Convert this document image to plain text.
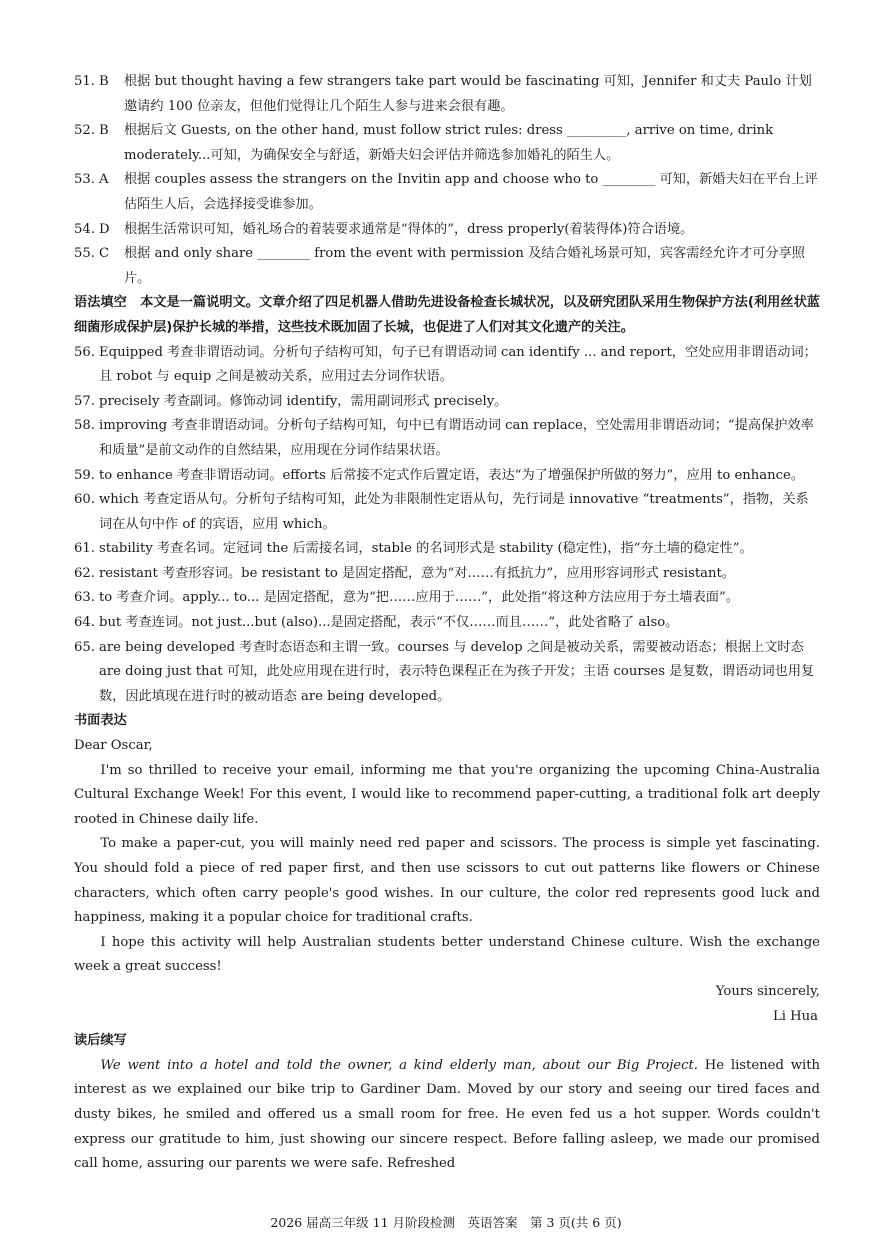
51. B	根据 but thought having a few strangers take part would be fascinating 可知，Jennifer 和丈夫 Paulo 计划邀请约 100 位亲友，但他们觉得让几个陌生人参与进来会很有趣。
52. B	根据后文 Guests, on the other hand, must follow strict rules: dress _________, arrive on time, drink moderately...可知，为确保安全与舒适，新婚夫妇会评估并筛选参加婚礼的陌生人。
53. A	根据 couples assess the strangers on the Invitin app and choose who to ________ 可知，新婚夫妇在平台上评估陌生人后，会选择接受谁参加。
54. D	根据生活常识可知，婚礼场合的着装要求通常是“得体的”，dress properly(着装得体)符合语境。
55. C	根据 and only share ________ from the event with permission 及结合婚礼场景可知，宾客需经允许才可分享照片。

语法填空　本文是一篇说明文。文章介绍了四足机器人借助先进设备检查长城状况，以及研究团队采用生物保护方法(利用丝状蓝细菌形成保护层)保护长城的举措，这些技术既加固了长城，也促进了人们对其文化遗产的关注。

56. Equipped 考查非谓语动词。分析句子结构可知，句子已有谓语动词 can identify ... and report，空处应用非谓语动词；且 robot 与 equip 之间是被动关系，应用过去分词作状语。
57. precisely 考查副词。修饰动词 identify，需用副词形式 precisely。
58. improving 考查非谓语动词。分析句子结构可知，句中已有谓语动词 can replace，空处需用非谓语动词；“提高保护效率和质量”是前文动作的自然结果，应用现在分词作结果状语。
59. to enhance 考查非谓语动词。efforts 后常接不定式作后置定语，表达“为了增强保护所做的努力”，应用 to enhance。
60. which 考查定语从句。分析句子结构可知，此处为非限制性定语从句，先行词是 innovative “treatments”，指物，关系词在从句中作 of 的宾语，应用 which。
61. stability 考查名词。定冠词 the 后需接名词，stable 的名词形式是 stability (稳定性)，指“夯土墙的稳定性”。
62. resistant 考查形容词。be resistant to 是固定搭配，意为“对……有抵抗力”，应用形容词形式 resistant。
63. to 考查介词。apply... to... 是固定搭配，意为“把……应用于……”，此处指“将这种方法应用于夯土墙表面”。
64. but 考查连词。not just...but (also)...是固定搭配，表示“不仅……而且……”，此处省略了 also。
65. are being developed 考查时态语态和主谓一致。courses 与 develop 之间是被动关系，需要被动语态；根据上文时态 are doing just that 可知，此处应用现在进行时，表示特色课程正在为孩子开发；主语 courses 是复数，谓语动词也用复数，因此填现在进行时的被动语态 are being developed。

书面表达

Dear Oscar,

I'm so thrilled to receive your email, informing me that you're organizing the upcoming China-Australia Cultural Exchange Week! For this event, I would like to recommend paper-cutting, a traditional folk art deeply rooted in Chinese daily life.

To make a paper-cut, you will mainly need red paper and scissors. The process is simple yet fascinating. You should fold a piece of red paper first, and then use scissors to cut out patterns like flowers or Chinese characters, which often carry people's good wishes. In our culture, the color red represents good luck and happiness, making it a popular choice for traditional crafts.

I hope this activity will help Australian students better understand Chinese culture. Wish the exchange week a great success!

Yours sincerely,

Li Hua

读后续写

We went into a hotel and told the owner, a kind elderly man, about our Big Project. He listened with interest as we explained our bike trip to Gardiner Dam. Moved by our story and seeing our tired faces and dusty bikes, he smiled and offered us a small room for free. He even fed us a hot supper. Words couldn't express our gratitude to him, just showing our sincere respect. Before falling asleep, we made our promised call home, assuring our parents we were safe. Refreshed

2026 届高三年级 11 月阶段检测　英语答案　第 3 页(共 6 页)
